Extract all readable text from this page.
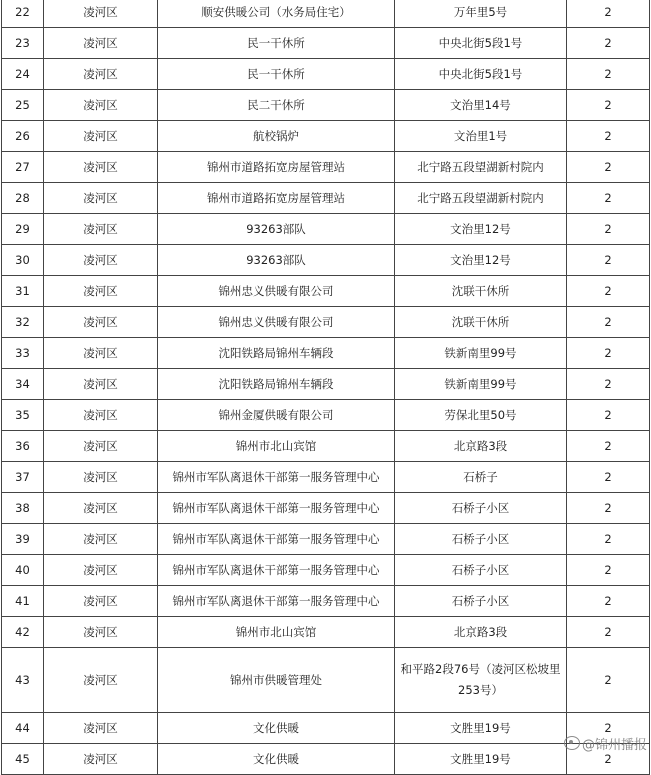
22	凌河区	顺安供暖公司（水务局住宅）	万年里5号	2
23	凌河区	民一干休所	中央北街5段1号	2
24	凌河区	民一干休所	中央北街5段1号	2
25	凌河区	民二干休所	文治里14号	2
26	凌河区	航校锅炉	文治里1号	2
27	凌河区	锦州市道路拓宽房屋管理站	北宁路五段望湖新村院内	2
28	凌河区	锦州市道路拓宽房屋管理站	北宁路五段望湖新村院内	2
29	凌河区	93263部队	文治里12号	2
30	凌河区	93263部队	文治里12号	2
31	凌河区	锦州忠义供暖有限公司	沈联干休所	2
32	凌河区	锦州忠义供暖有限公司	沈联干休所	2
33	凌河区	沈阳铁路局锦州车辆段	铁新南里99号	2
34	凌河区	沈阳铁路局锦州车辆段	铁新南里99号	2
35	凌河区	锦州金厦供暖有限公司	劳保北里50号	2
36	凌河区	锦州市北山宾馆	北京路3段	2
37	凌河区	锦州市军队离退休干部第一服务管理中心	石桥子	2
38	凌河区	锦州市军队离退休干部第一服务管理中心	石桥子小区	2
39	凌河区	锦州市军队离退休干部第一服务管理中心	石桥子小区	2
40	凌河区	锦州市军队离退休干部第一服务管理中心	石桥子小区	2
41	凌河区	锦州市军队离退休干部第一服务管理中心	石桥子小区	2
42	凌河区	锦州市北山宾馆	北京路3段	2
43	凌河区	锦州市供暖管理处	和平路2段76号（凌河区松坡里253号）	2
44	凌河区	文化供暖	文胜里19号	2
45	凌河区	文化供暖	文胜里19号	2
@锦州播报
